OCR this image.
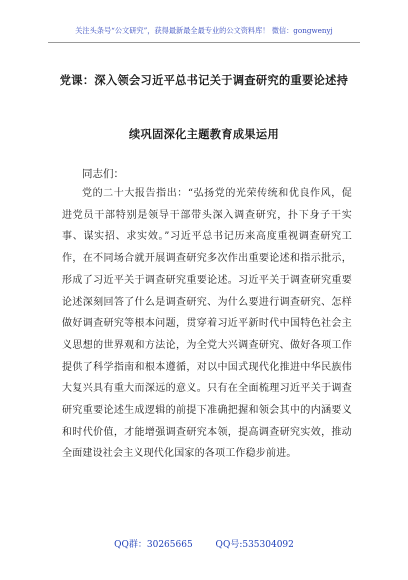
关注头条号“公文研究”，获得最新最全最专业的公文资料库！ 微信：gongwenyj
党课：深入领会习近平总书记关于调查研究的重要论述持
续巩固深化主题教育成果运用
同志们：
党的二十大报告指出：“弘扬党的光荣传统和优良作风，促进党员干部特别是领导干部带头深入调查研究，扑下身子干实事、谋实招、求实效。”习近平总书记历来高度重视调查研究工作，在不同场合就开展调查研究多次作出重要论述和指示批示，形成了习近平关于调查研究重要论述。习近平关于调查研究重要论述深刻回答了什么是调查研究、为什么要进行调查研究、怎样做好调查研究等根本问题，贯穿着习近平新时代中国特色社会主义思想的世界观和方法论，为全党大兴调查研究、做好各项工作提供了科学指南和根本遵循，对以中国式现代化推进中华民族伟大复兴具有重大而深远的意义。只有在全面梳理习近平关于调查研究重要论述生成逻辑的前提下准确把握和领会其中的内涵要义和时代价值，才能增强调查研究本领，提高调查研究实效，推动全面建设社会主义现代化国家的各项工作稳步前进。
QQ群：30265665        QQ号:535304092
